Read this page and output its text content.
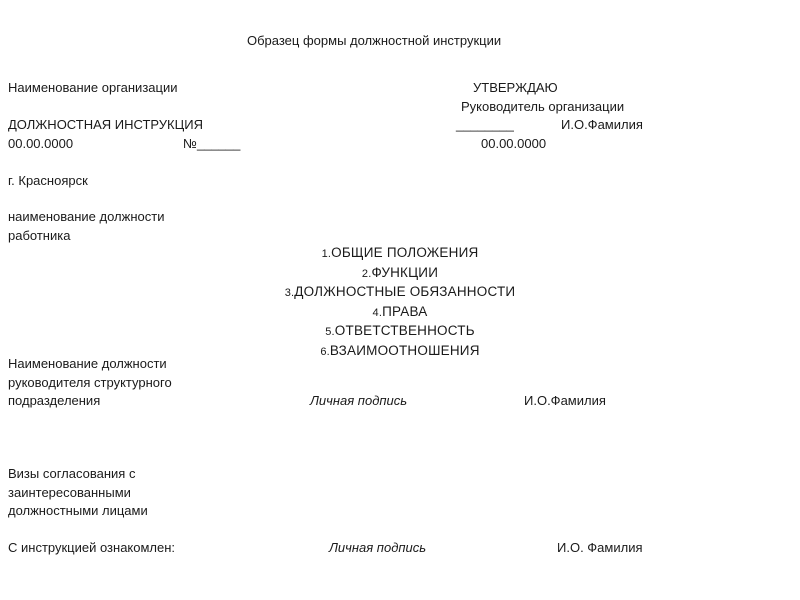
Образец формы должностной инструкции
Наименование организации	УТВЕРЖДАЮ
Руководитель организации
ДОЛЖНОСТНАЯ ИНСТРУКЦИЯ	________	И.О.Фамилия
00.00.0000	№______	00.00.0000
г. Красноярск
наименование должности
работника
1.ОБЩИЕ ПОЛОЖЕНИЯ
2.ФУНКЦИИ
3.ДОЛЖНОСТНЫЕ ОБЯЗАННОСТИ
4.ПРАВА
5.ОТВЕТСТВЕННОСТЬ
6.ВЗАИМООТНОШЕНИЯ
Наименование должности
руководителя структурного
подразделения	Личная подпись	И.О.Фамилия
Визы согласования с
заинтересованными
должностными лицами
С инструкцией ознакомлен:	Личная подпись	И.О. Фамилия
